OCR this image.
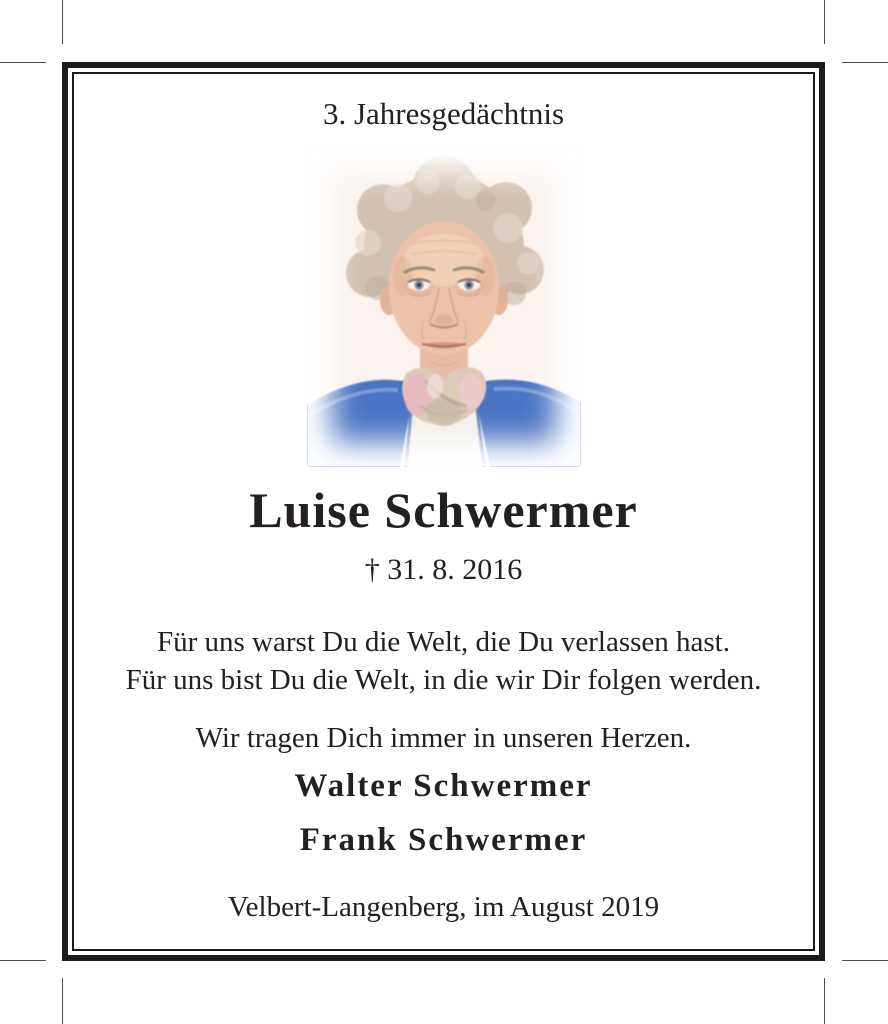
3. Jahresgedächtnis
Luise Schwermer
† 31. 8. 2016
Für uns warst Du die Welt, die Du verlassen hast.
Für uns bist Du die Welt, in die wir Dir folgen werden.
Wir tragen Dich immer in unseren Herzen.
Walter Schwermer
Frank Schwermer
Velbert-Langenberg, im August 2019
